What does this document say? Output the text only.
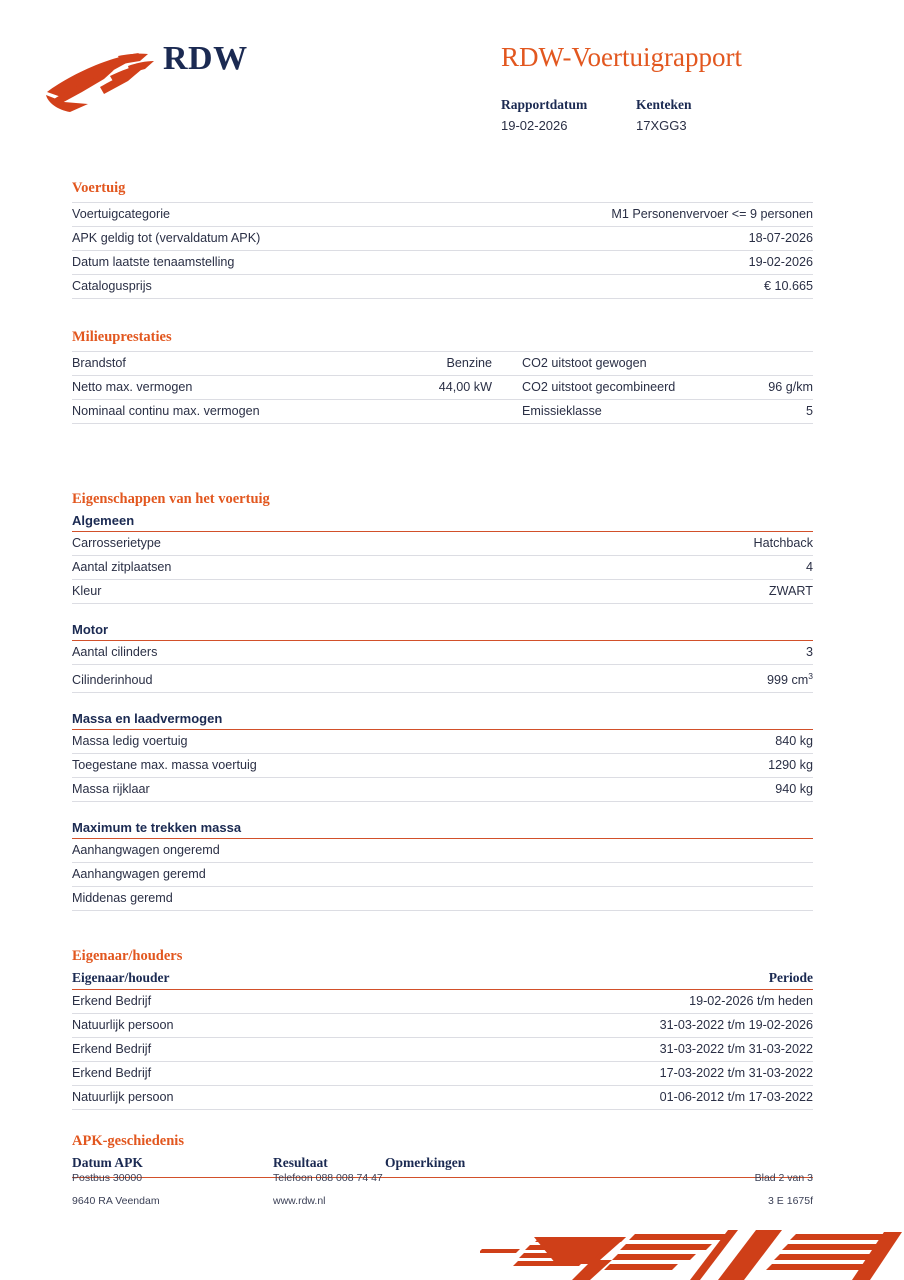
RDW	RDW-Voertuigrapport
Rapportdatum
19-02-2026
Kenteken
17XGG3
Voertuig
Voertuigcategorie	M1 Personenvervoer <= 9 personen
APK geldig tot (vervaldatum APK)	18-07-2026
Datum laatste tenaamstelling	19-02-2026
Catalogusprijs	€ 10.665
Milieuprestaties
Brandstof	Benzine	CO2 uitstoot gewogen	
Netto max. vermogen	44,00 kW	CO2 uitstoot gecombineerd	96 g/km
Nominaal continu max. vermogen		Emissieklasse	5
Eigenschappen van het voertuig
Algemeen
Carrosserietype	Hatchback
Aantal zitplaatsen	4
Kleur	ZWART
Motor
Aantal cilinders	3
Cilinderinhoud	999 $cm^3$
Massa en laadvermogen
Massa ledig voertuig	840 kg
Toegestane max. massa voertuig	1290 kg
Massa rijklaar	940 kg
Maximum te trekken massa
Aanhangwagen ongeremd	
Aanhangwagen geremd	
Middenas geremd	
Eigenaar/houders
Eigenaar/houder	Periode
Erkend Bedrijf	19-02-2026 t/m heden
Natuurlijk persoon	31-03-2022 t/m 19-02-2026
Erkend Bedrijf	31-03-2022 t/m 31-03-2022
Erkend Bedrijf	17-03-2022 t/m 31-03-2022
Natuurlijk persoon	01-06-2012 t/m 17-03-2022
APK-geschiedenis
Datum APK	Resultaat	Opmerkingen
Postbus 30000	Telefoon 088 008 74 47	Blad 2 van 3
9640 RA Veendam	www.rdw.nl	3 E 1675f
